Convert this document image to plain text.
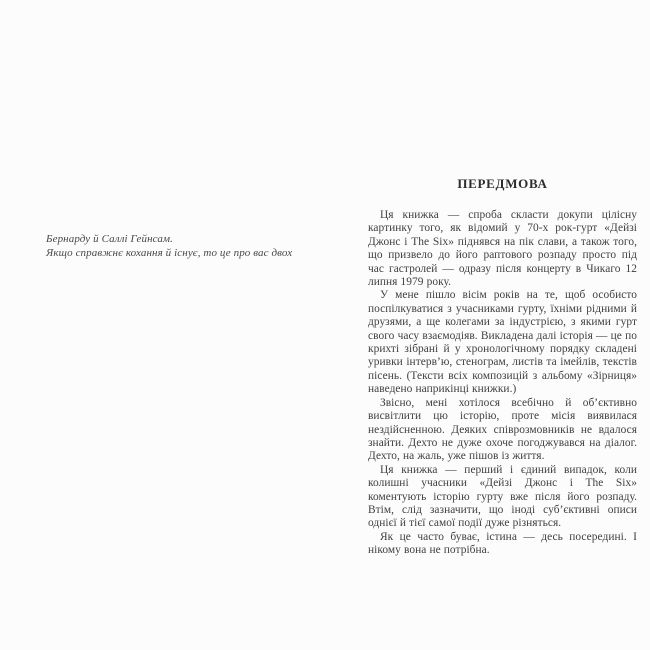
Бернарду й Саллі Гейнсам.

Якщо справжнє кохання й існує, то це про вас двох

ПЕРЕДМОВА

Ця книжка — спроба скласти докупи цілісну картинку того, як відомий у 70-х рок-гурт «Дейзі Джонс і The Six» піднявся на пік слави, а також того, що призвело до його раптового розпаду просто під час гастролей — одразу після концерту в Чикаго 12 липня 1979 року.

У мене пішло вісім років на те, щоб особисто поспілкуватися з учасниками гурту, їхніми рідними й друзями, а ще колегами за індустрією, з якими гурт свого часу взаємодіяв. Викладена далі історія — це по крихті зібрані й у хронологічному порядку складені уривки інтерв’ю, стенограм, листів та імейлів, текстів пісень. (Тексти всіх композицій з альбому «Зірниця» наведено наприкінці книжки.)

Звісно, мені хотілося всебічно й об’єктивно висвітлити цю історію, проте місія виявилася нездійсненною. Деяких співрозмовників не вдалося знайти. Дехто не дуже охоче погоджувався на діалог. Дехто, на жаль, уже пішов із життя.

Ця книжка — перший і єдиний випадок, коли колишні учасники «Дейзі Джонс і The Six» коментують історію гурту вже після його розпаду. Втім, слід зазначити, що іноді суб’єктивні описи однієї й тієї самої події дуже різняться.

Як це часто буває, істина — десь посередині. І нікому вона не потрібна.
